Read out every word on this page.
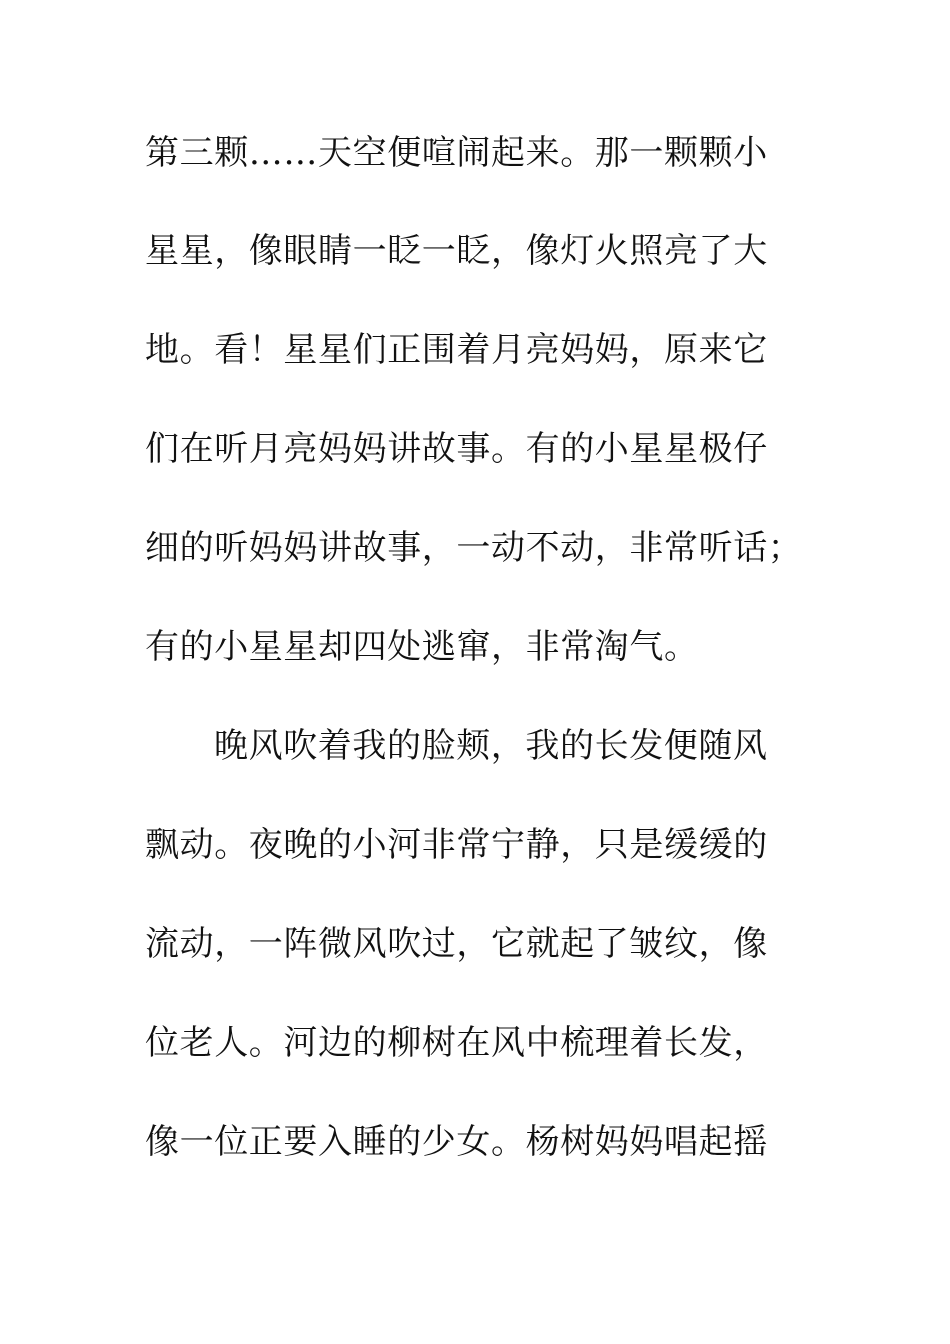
第三颗……天空便喧闹起来。那一颗颗小
星星，像眼睛一眨一眨，像灯火照亮了大
地。看！星星们正围着月亮妈妈，原来它
们在听月亮妈妈讲故事。有的小星星极仔
细的听妈妈讲故事，一动不动，非常听话；
有的小星星却四处逃窜，非常淘气。
晚风吹着我的脸颊，我的长发便随风
飘动。夜晚的小河非常宁静，只是缓缓的
流动，一阵微风吹过，它就起了皱纹，像
位老人。河边的柳树在风中梳理着长发，
像一位正要入睡的少女。杨树妈妈唱起摇
